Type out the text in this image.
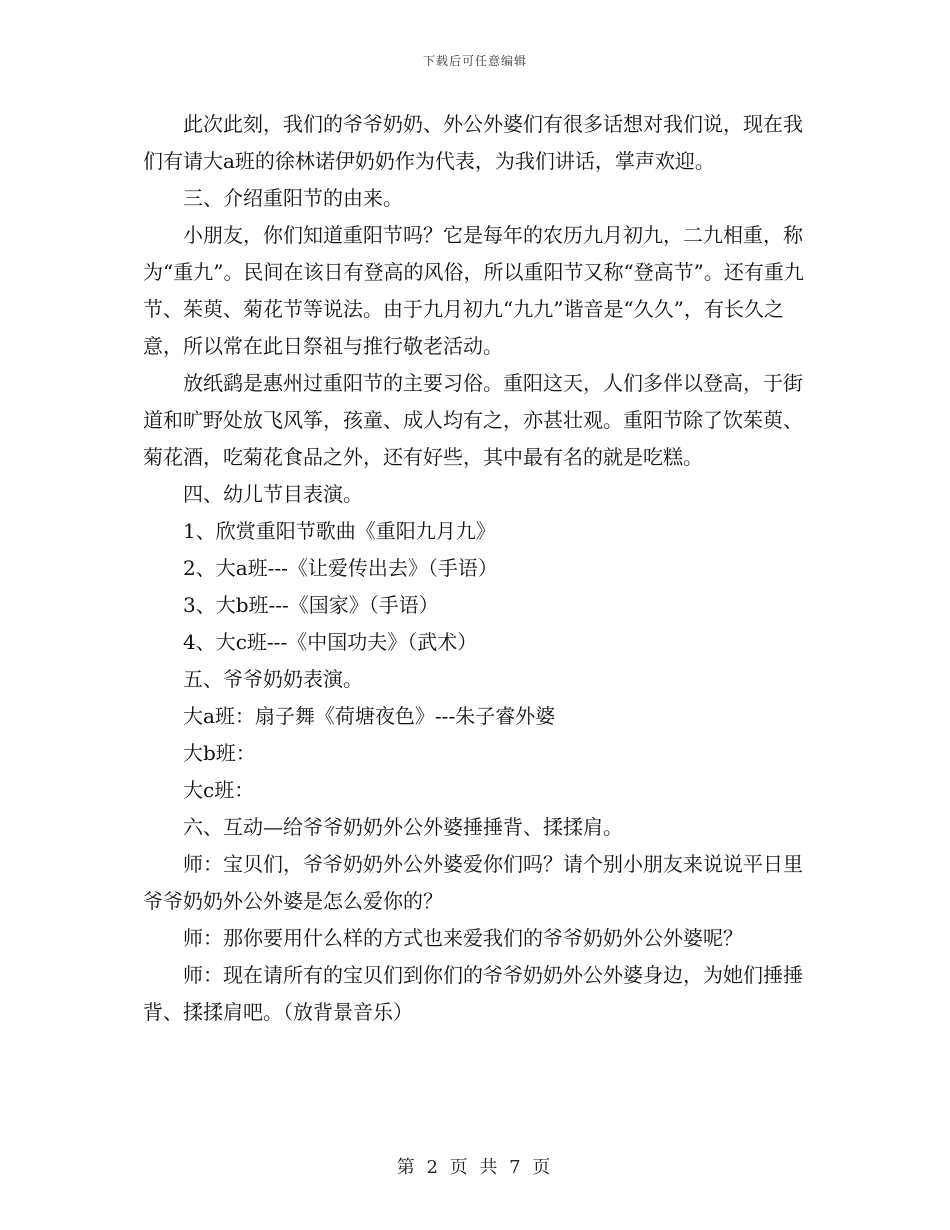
下载后可任意编辑

此次此刻，我们的爷爷奶奶、外公外婆们有很多话想对我们说，现在我们有请大a班的徐林诺伊奶奶作为代表，为我们讲话，掌声欢迎。

三、介绍重阳节的由来。

小朋友，你们知道重阳节吗？它是每年的农历九月初九，二九相重，称为“重九”。民间在该日有登高的风俗，所以重阳节又称“登高节”。还有重九节、茱萸、菊花节等说法。由于九月初九“九九”谐音是“久久”，有长久之意，所以常在此日祭祖与推行敬老活动。

放纸鹞是惠州过重阳节的主要习俗。重阳这天，人们多伴以登高，于街道和旷野处放飞风筝，孩童、成人均有之，亦甚壮观。重阳节除了饮茱萸、菊花酒，吃菊花食品之外，还有好些，其中最有名的就是吃糕。

四、幼儿节目表演。

1、欣赏重阳节歌曲《重阳九月九》

2、大a班---《让爱传出去》（手语）

3、大b班---《国家》（手语）

4、大c班---《中国功夫》（武术）

五、爷爷奶奶表演。

大a班：扇子舞《荷塘夜色》---朱子睿外婆

大b班：

大c班：

六、互动—给爷爷奶奶外公外婆捶捶背、揉揉肩。

师：宝贝们，爷爷奶奶外公外婆爱你们吗？请个别小朋友来说说平日里爷爷奶奶外公外婆是怎么爱你的？

师：那你要用什么样的方式也来爱我们的爷爷奶奶外公外婆呢？

师：现在请所有的宝贝们到你们的爷爷奶奶外公外婆身边，为她们捶捶背、揉揉肩吧。（放背景音乐）

第 2 页 共 7 页
